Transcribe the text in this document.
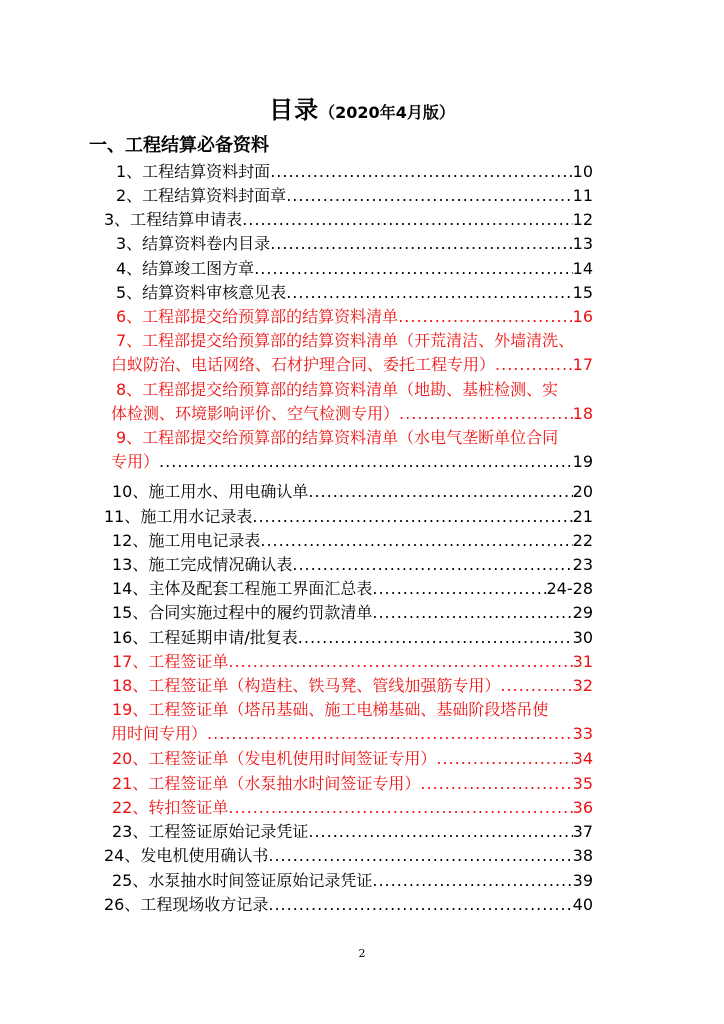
目录（2020年4月版）
一、工程结算必备资料
1、工程结算资料封面 .....	10
2、工程结算资料封面章 .....	11
3、工程结算申请表 .....	12
3、结算资料卷内目录 .....	13
4、结算竣工图方章 .....	14
5、结算资料审核意见表 .....	15
6、工程部提交给预算部的结算资料清单 .....	16
7、工程部提交给预算部的结算资料清单（开荒清洁、外墙清洗、
白蚁防治、电话网络、石材护理合同、委托工程专用） .....	17
8、工程部提交给预算部的结算资料清单（地勘、基桩检测、实
体检测、环境影响评价、空气检测专用） .....	18
9、工程部提交给预算部的结算资料清单（水电气垄断单位合同
专用） .....	19
10、施工用水、用电确认单 .....	20
11、施工用水记录表 .....	21
12、施工用电记录表 .....	22
13、施工完成情况确认表 .....	23
14、主体及配套工程施工界面汇总表 .....	24-28
15、合同实施过程中的履约罚款清单 .....	29
16、工程延期申请/批复表 .....	30
17、工程签证单 .....	31
18、工程签证单（构造柱、铁马凳、管线加强筋专用） .....	32
19、工程签证单（塔吊基础、施工电梯基础、基础阶段塔吊使
用时间专用） .....	33
20、工程签证单（发电机使用时间签证专用） .....	34
21、工程签证单（水泵抽水时间签证专用） .....	35
22、转扣签证单 .....	36
23、工程签证原始记录凭证 .....	37
24、发电机使用确认书 .....	38
25、水泵抽水时间签证原始记录凭证 .....	39
26、工程现场收方记录 .....	40
2
